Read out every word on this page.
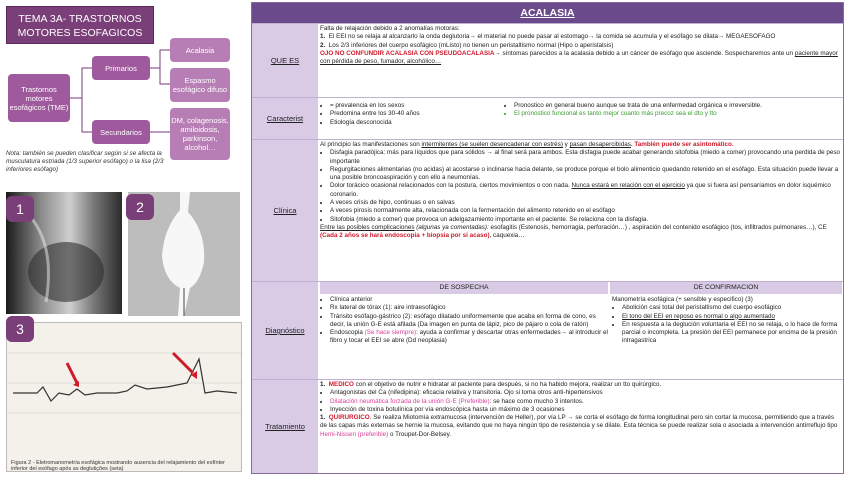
TEMA 3A- TRASTORNOS MOTORES ESOFAGICOS
Trastornos motores esofágicos (TME)
Primarios
Secundarios
Acalasia
Espasmo esofágico difuso
DM, colagenosis, amiloidosis, parkinson, alcohol…
Nota: también se pueden clasificar según si se afecta la musculatura estriada (1/3 superior esófago) o la lisa (2/3 inferiores esófago)
1	2
Figura 2 - Eletromanometría esofágica mostrando ausencia del relajamiento del esfínter inferior del esófago após as deglutições (seta)
3
ACALASIA
QUE ES
Falta de relajación debido a 2 anomalías motoras:
1. El EEI no se relaja al alcanzarlo la onda deglutoria→ el material no puede pasar al estomago→ la comida se acumula y el esófago se dilata→ MEGAESOFAGO
2. Los 2/3 inferiores del cuerpo esofágico (mListo) no tienen un peristaltismo normal (Hipo o aperistalsis)
OJO NO CONFUNDIR ACALASIA CON PSEUDOACALASIA→ síntomas parecidos a la acalasia debido a un cáncer de esófago que asciende. Sospecharemos ante un paciente mayor con pérdida de peso, fumador, alcohólico…
Caracterist
• = prevalencia en los sexos
• Predomina entre los 30-40 años
• Etiología desconocida
• Pronostico en general bueno aunque se trata de una enfermedad orgánica e irreversible.
• El pronostico funcional es tanto mejor cuanto más precoz sea el dto y tto
Clínica
Al principio las manifestaciones son intermitentes (se suelen desencadenar con estrés) y pasan desapercibidas. También puede ser asintomático.
• Disfagia paradójica: más para líquidos que para sólidos → al final será para ambos. Esta disfagia puede acabar generando sitofobia (miedo a comer) provocando una perdida de peso importante
• Regurgitaciones alimentarias (no acidas) al acostarse o inclinarse hacia delante, se produce porque el bolo alimenticio quedando retenido en el esófago. Esta situación puede llevar a una posible broncoaspiración y con ello a neumonías.
• Dolor torácico ocasional relacionados con la postura, ciertos movimientos o con nada. Nunca estará en relación con el ejercicio ya que si fuera así pensaríamos en dolor isquémico coronario.
• A veces crisis de hipo, continuas o en salvas
• A veces pirosis normalmente alta, relacionada con la fermentación del alimento retenido en el esófago
• Sitofobia (miedo a comer) que provoca un adelgazamiento importante en el paciente. Se relaciona con la disfagia.
Entre las posibles complicaciones (algunas ya comentadas): esofagitis (Estenosis, hemorragia, perforación…) , aspiración del contenido esofágico (tos, infiltrados pulmonares…), CE (Cada 2 años se hará endoscopia + biopsia por si acaso), caquexia…
Diagnóstico
DE SOSPECHA	DE CONFIRMACION
• Clínica anterior
• Rx lateral de tórax (1): aire intraesofágico
• Tránsito esófago-gástrico (2): esófago dilatado uniformemente que acaba en forma de cono, es decir, la unión G-E está afilada (Da imagen en punta de lápiz, pico de pájaro o cola de ratón)
• Endoscopia (Se hace siempre): ayuda a confirmar y descartar otras enfermedades→ al introducir el fibro y tocar el EEI se abre (Dd neoplasia)
Manometría esofágica (+ sensible y especifico) (3)
• Abolición casi total del peristaltismo del cuerpo esofágico
• El tono del EEI en reposo es normal o algo aumentado
• En respuesta a la deglución voluntaria el EEI no se relaja, o lo hace de forma parcial o incompleta. La presión del EEI permanece por encima de la presión intragastrica
Tratamiento
1. MEDICO con el objetivo de nutrir e hidratar al paciente para después, si no ha habido mejora, realizar un tto quirúrgico.
• Antagonistas del Ca (nifedipina): eficacia relativa y transitoria. Ojo si toma otros anti-hipertensivos
• Dilatación neumática forzada de la unión G-E (Preferible): se hace como mucho 3 intentos.
• Inyección de toxina botulínica por vía endoscópica hasta un máximo de 3 ocasiones
1. QUIRURGICO. Se realiza Miotomía extramucosa (intervención de Heller), por vía LP → se corta el esófago de forma longitudinal pero sin cortar la mucosa, permitiendo que a través de las capas más externas se hernie la mucosa, evitando que no haya ningún tipo de resistencia y se dilate. Esta técnica se puede realizar sola o asociada a intervención antirreflujo tipo Hemi-Nissen (preferible) o Troupet-Dor-Belsey.
